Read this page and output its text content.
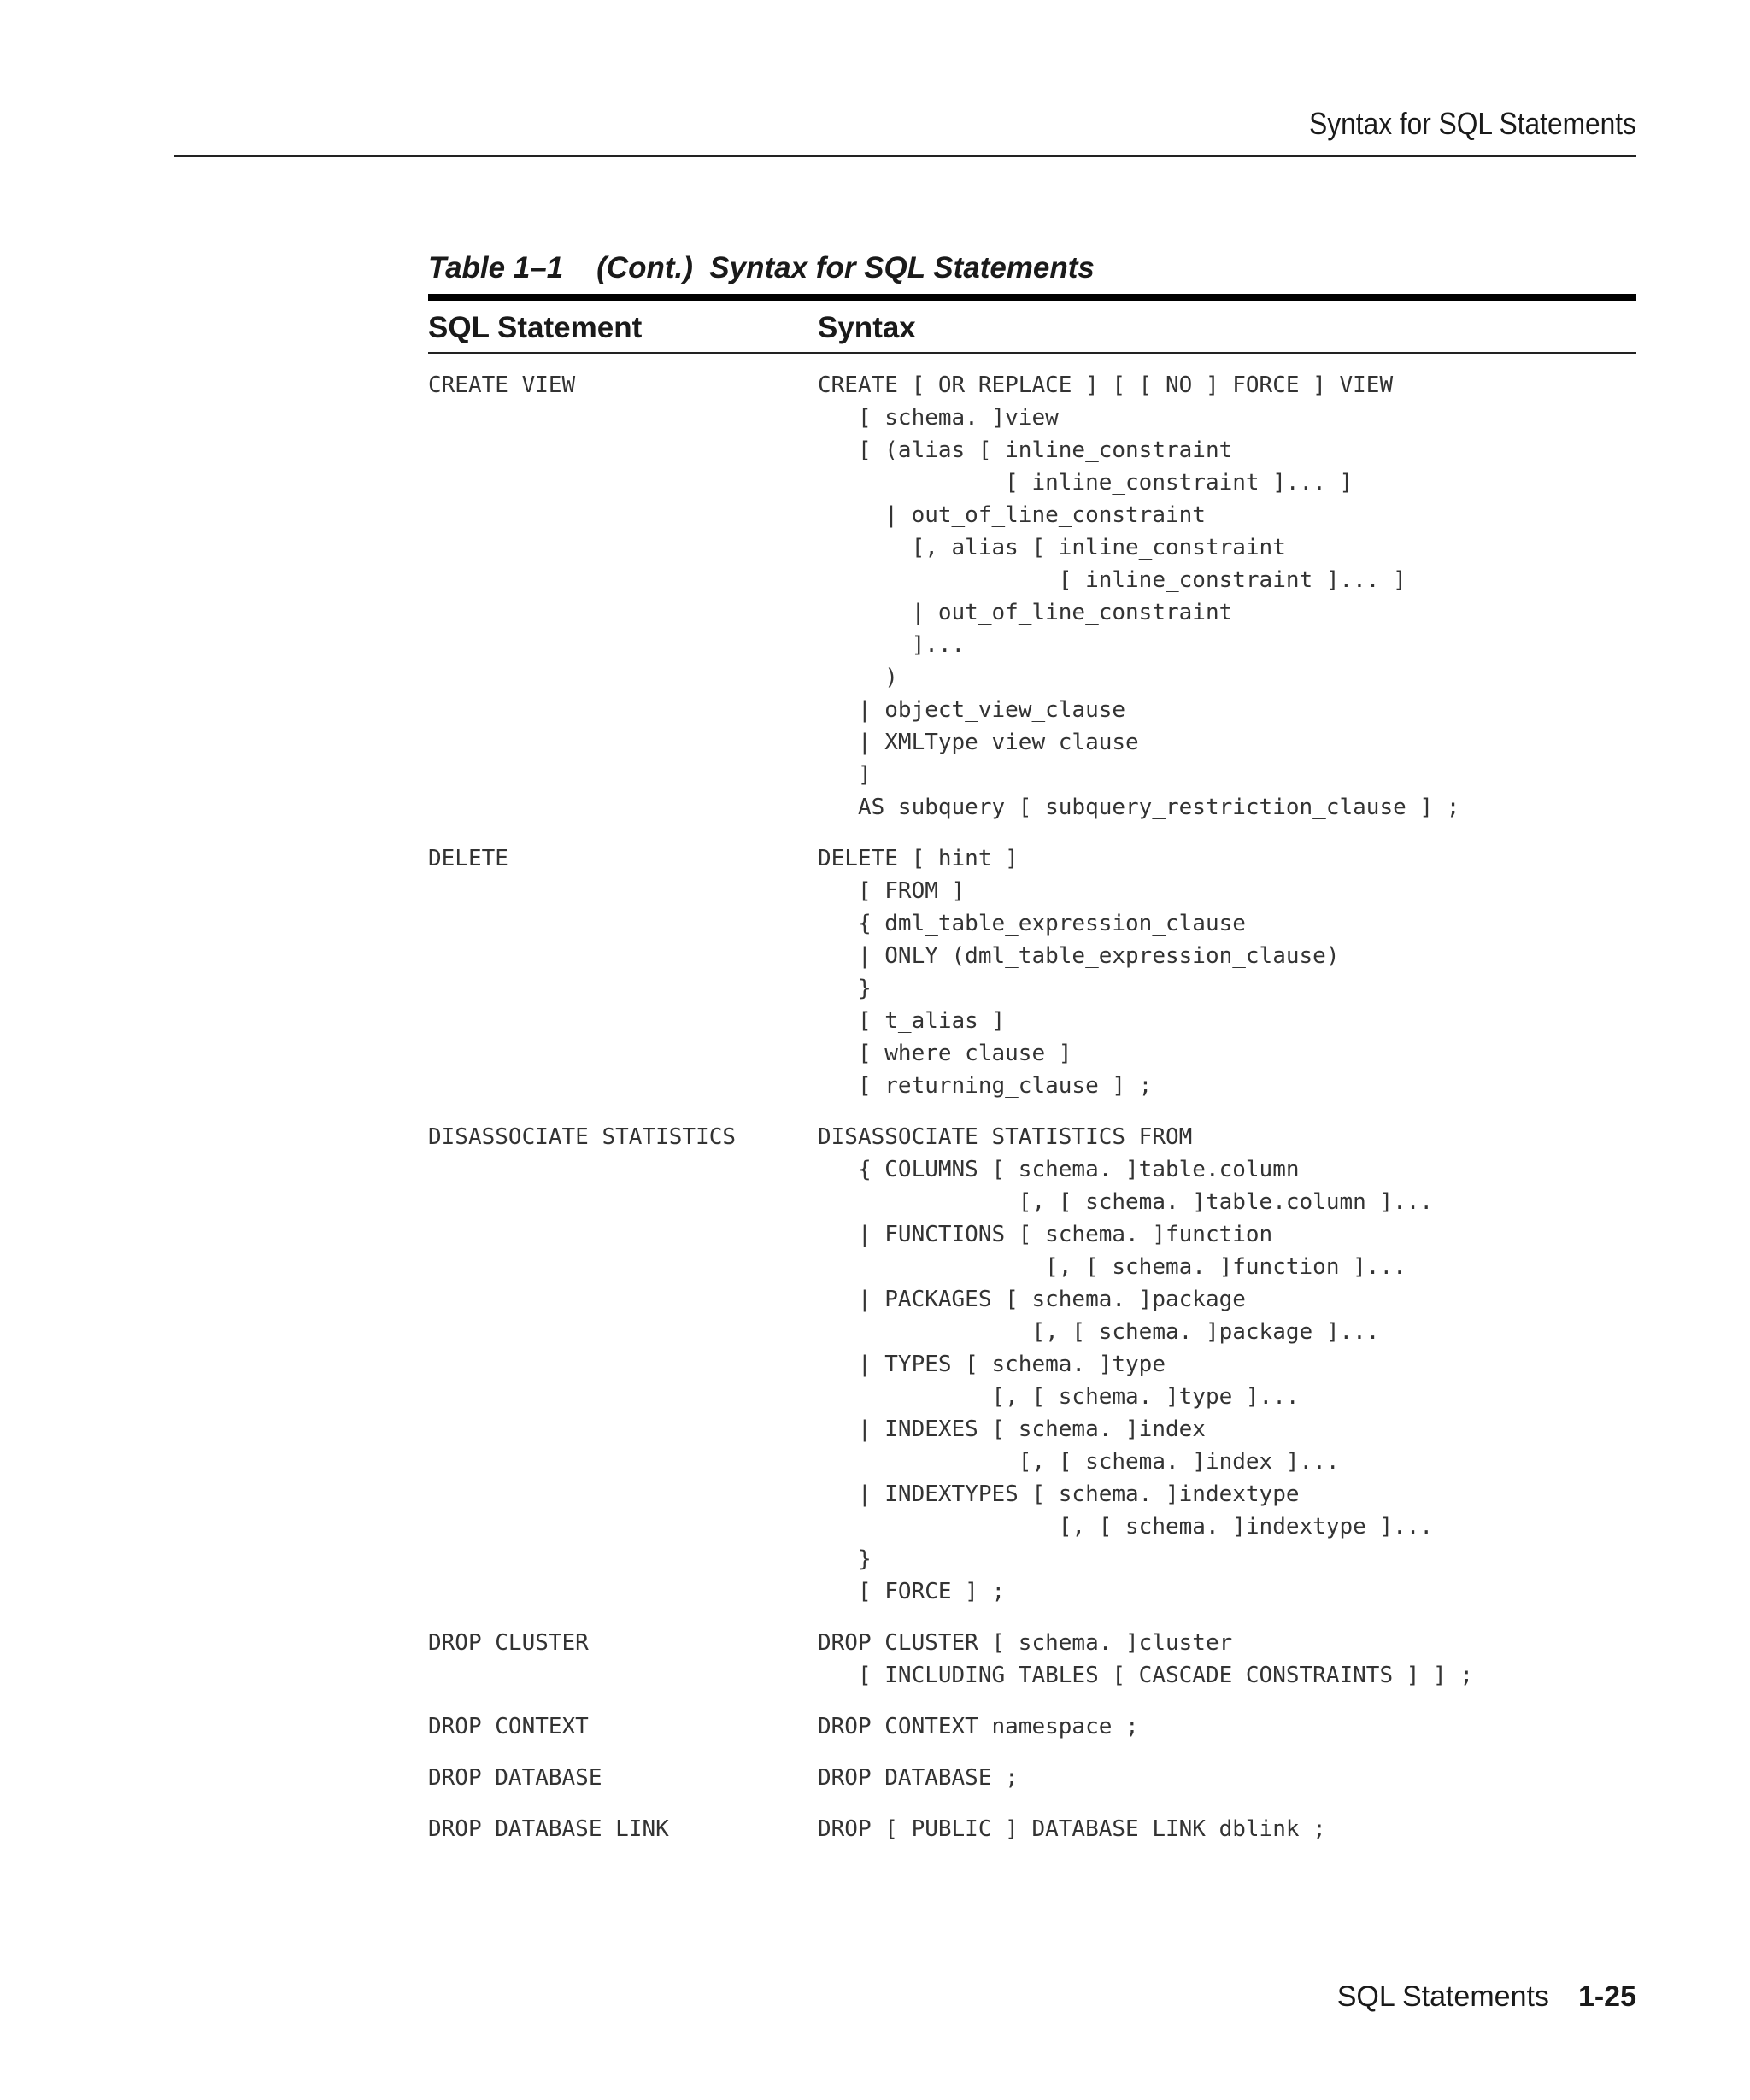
Syntax for SQL Statements
Table 1–1    (Cont.)  Syntax for SQL Statements
SQL Statement	Syntax
CREATE VIEW	CREATE [ OR REPLACE ] [ [ NO ] FORCE ] VIEW
[ schema. ]view
[ (alias [ inline_constraint
[ inline_constraint ]... ]
| out_of_line_constraint
[, alias [ inline_constraint
[ inline_constraint ]... ]
| out_of_line_constraint
]...
)
| object_view_clause
| XMLType_view_clause
]
AS subquery [ subquery_restriction_clause ] ;
DELETE	DELETE [ hint ]
[ FROM ]
{ dml_table_expression_clause
| ONLY (dml_table_expression_clause)
}
[ t_alias ]
[ where_clause ]
[ returning_clause ] ;
DISASSOCIATE STATISTICS	DISASSOCIATE STATISTICS FROM
{ COLUMNS [ schema. ]table.column
[, [ schema. ]table.column ]...
| FUNCTIONS [ schema. ]function
[, [ schema. ]function ]...
| PACKAGES [ schema. ]package
[, [ schema. ]package ]...
| TYPES [ schema. ]type
[, [ schema. ]type ]...
| INDEXES [ schema. ]index
[, [ schema. ]index ]...
| INDEXTYPES [ schema. ]indextype
[, [ schema. ]indextype ]...
}
[ FORCE ] ;
DROP CLUSTER	DROP CLUSTER [ schema. ]cluster
[ INCLUDING TABLES [ CASCADE CONSTRAINTS ] ] ;
DROP CONTEXT	DROP CONTEXT namespace ;
DROP DATABASE	DROP DATABASE ;
DROP DATABASE LINK	DROP [ PUBLIC ] DATABASE LINK dblink ;
SQL Statements 1-25
